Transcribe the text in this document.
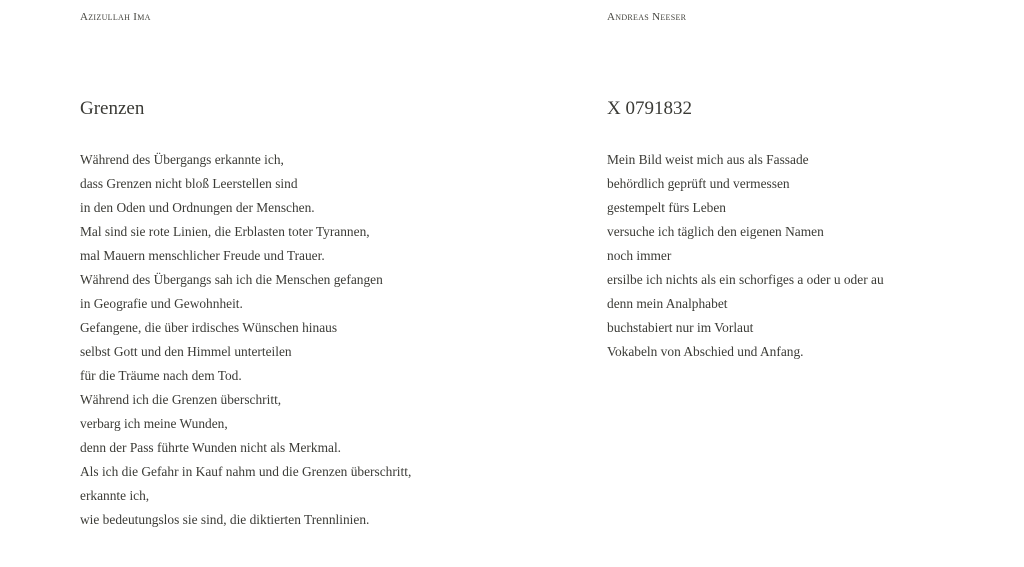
Azizullah Ima
Grenzen
Während des Übergangs erkannte ich,
dass Grenzen nicht bloß Leerstellen sind
in den Oden und Ordnungen der Menschen.
Mal sind sie rote Linien, die Erblasten toter Tyrannen,
mal Mauern menschlicher Freude und Trauer.
Während des Übergangs sah ich die Menschen gefangen
in Geografie und Gewohnheit.
Gefangene, die über irdisches Wünschen hinaus
selbst Gott und den Himmel unterteilen
für die Träume nach dem Tod.
Während ich die Grenzen überschritt,
verbarg ich meine Wunden,
denn der Pass führte Wunden nicht als Merkmal.
Als ich die Gefahr in Kauf nahm und die Grenzen überschritt,
erkannte ich,
wie bedeutungslos sie sind, die diktierten Trennlinien.
Andreas Neeser
X 0791832
Mein Bild weist mich aus als Fassade
behördlich geprüft und vermessen
gestempelt fürs Leben
versuche ich täglich den eigenen Namen
noch immer
ersilbe ich nichts als ein schorfiges a oder u oder au
denn mein Analphabet
buchstabiert nur im Vorlaut
Vokabeln von Abschied und Anfang.
